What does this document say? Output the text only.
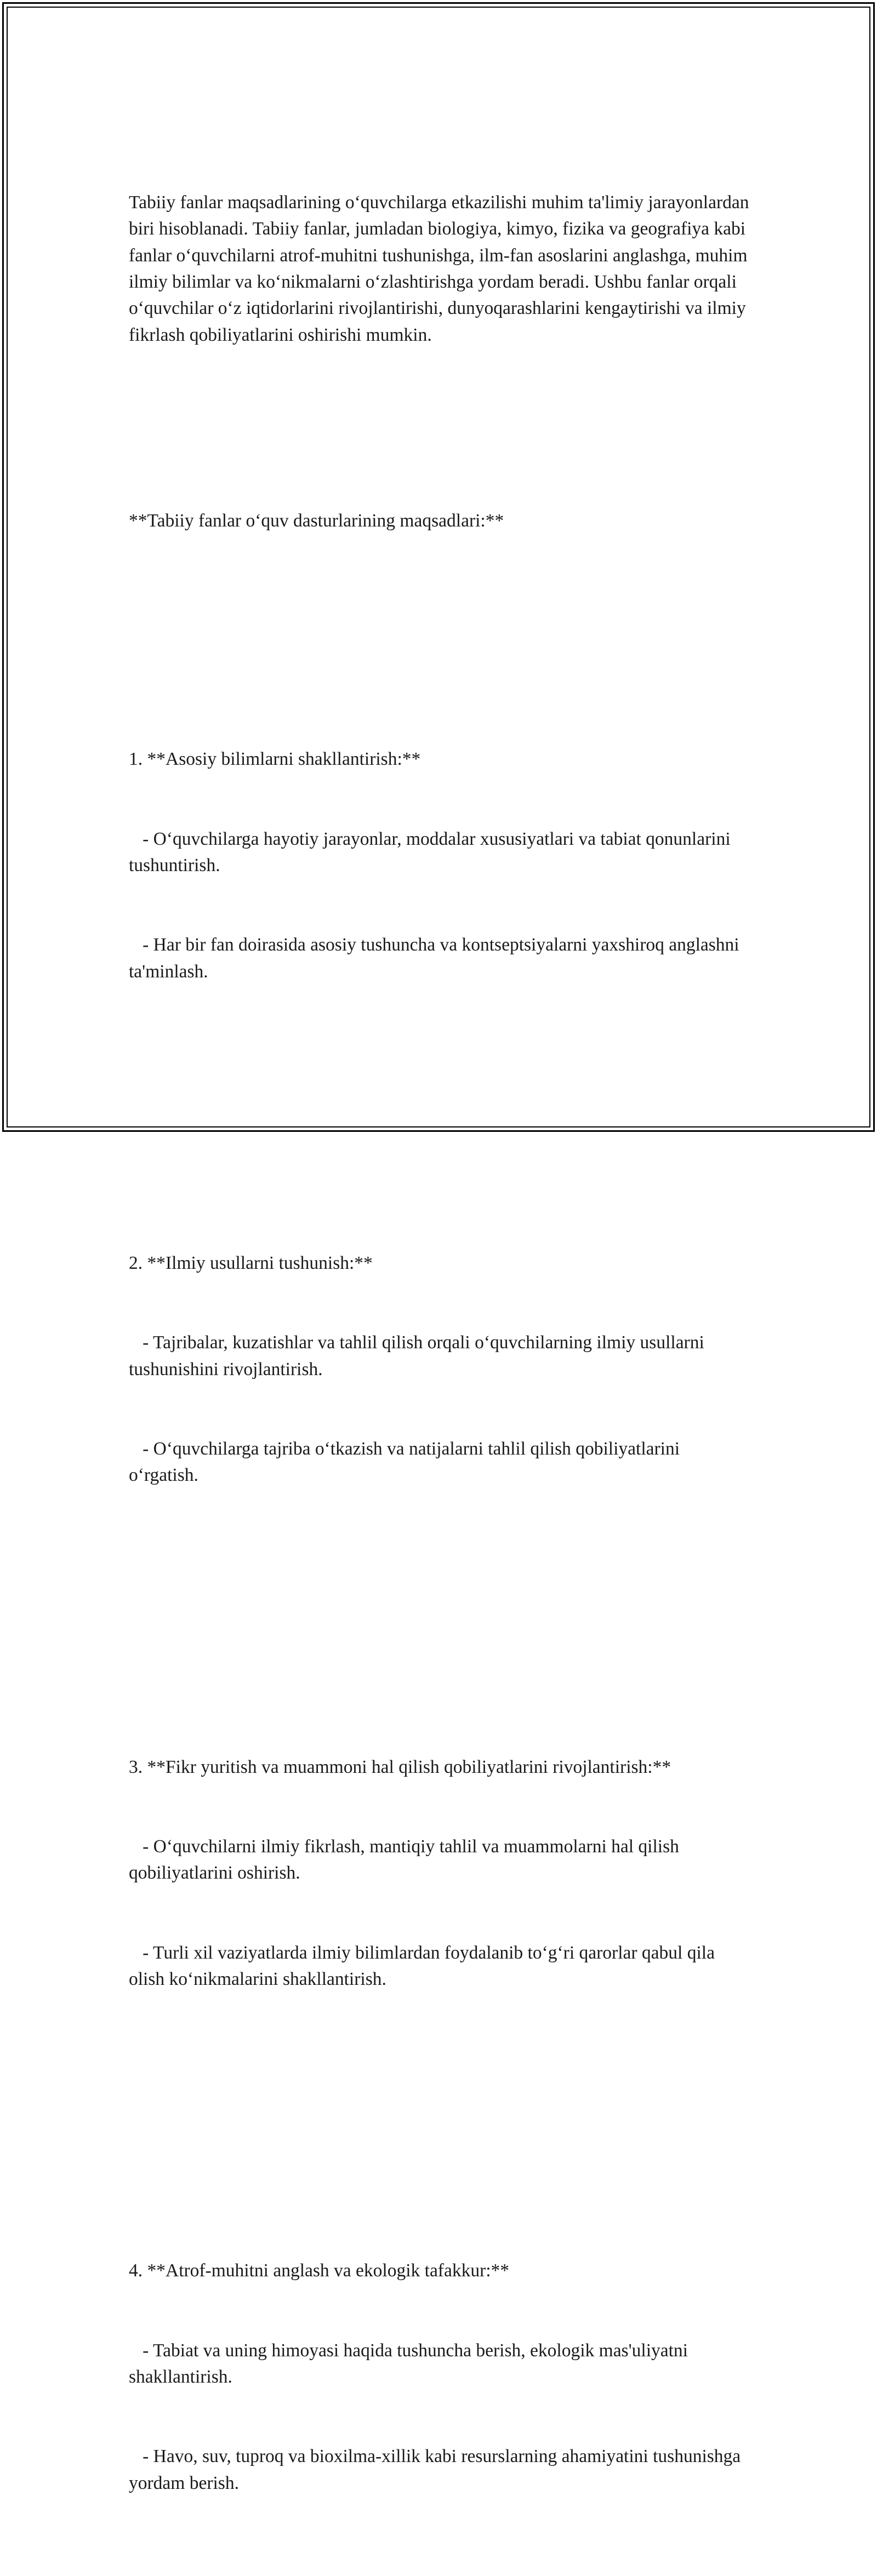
Tabiiy fanlar maqsadlarining o‘quvchilarga etkazilishi muhim ta'limiy jarayonlardan biri hisoblanadi. Tabiiy fanlar, jumladan biologiya, kimyo, fizika va geografiya kabi fanlar o‘quvchilarni atrof-muhitni tushunishga, ilm-fan asoslarini anglashga, muhim ilmiy bilimlar va ko‘nikmalarni o‘zlashtirishga yordam beradi. Ushbu fanlar orqali o‘quvchilar o‘z iqtidorlarini rivojlantirishi, dunyoqarashlarini kengaytirishi va ilmiy fikrlash qobiliyatlarini oshirishi mumkin.

**Tabiiy fanlar o‘quv dasturlarining maqsadlari:**

1. **Asosiy bilimlarni shakllantirish:**

- O‘quvchilarga hayotiy jarayonlar, moddalar xususiyatlari va tabiat qonunlarini tushuntirish.

- Har bir fan doirasida asosiy tushuncha va kontseptsiyalarni yaxshiroq anglashni ta'minlash.

2. **Ilmiy usullarni tushunish:**

- Tajribalar, kuzatishlar va tahlil qilish orqali o‘quvchilarning ilmiy usullarni tushunishini rivojlantirish.

- O‘quvchilarga tajriba o‘tkazish va natijalarni tahlil qilish qobiliyatlarini o‘rgatish.

3. **Fikr yuritish va muammoni hal qilish qobiliyatlarini rivojlantirish:**

- O‘quvchilarni ilmiy fikrlash, mantiqiy tahlil va muammolarni hal qilish qobiliyatlarini oshirish.

- Turli xil vaziyatlarda ilmiy bilimlardan foydalanib to‘g‘ri qarorlar qabul qila olish ko‘nikmalarini shakllantirish.

4. **Atrof-muhitni anglash va ekologik tafakkur:**

- Tabiat va uning himoyasi haqida tushuncha berish, ekologik mas'uliyatni shakllantirish.

- Havo, suv, tuproq va bioxilma-xillik kabi resurslarning ahamiyatini tushunishga yordam berish.
